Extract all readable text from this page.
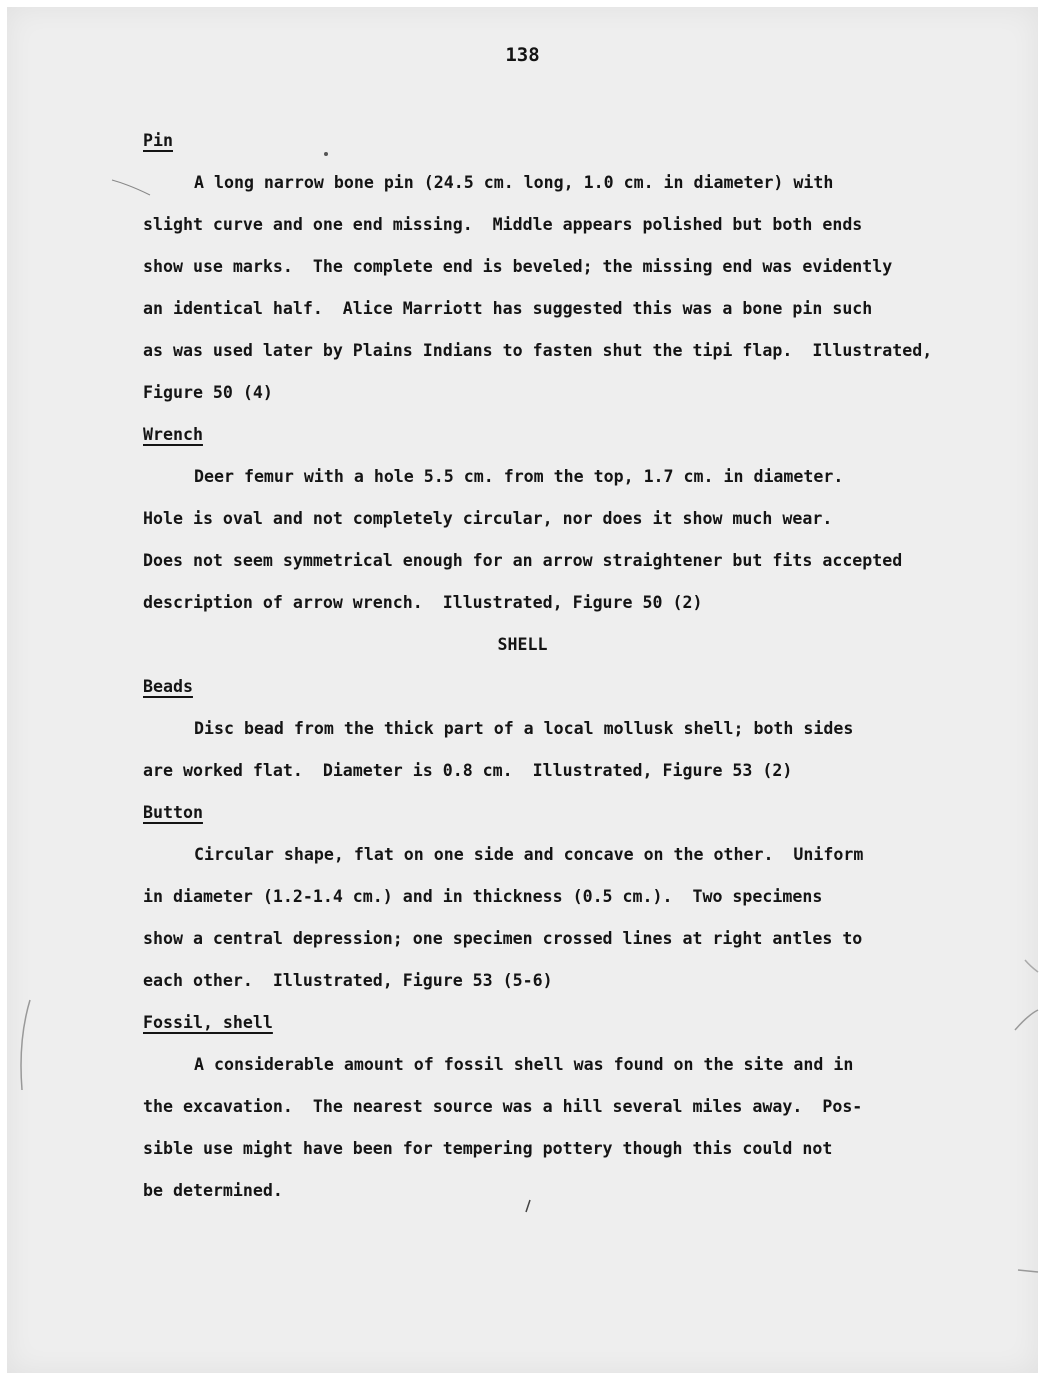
138
Pin
A long narrow bone pin (24.5 cm. long, 1.0 cm. in diameter) with
slight curve and one end missing.  Middle appears polished but both ends
show use marks.  The complete end is beveled; the missing end was evidently
an identical half.  Alice Marriott has suggested this was a bone pin such
as was used later by Plains Indians to fasten shut the tipi flap.  Illustrated,
Figure 50 (4)
Wrench
Deer femur with a hole 5.5 cm. from the top, 1.7 cm. in diameter.
Hole is oval and not completely circular, nor does it show much wear.
Does not seem symmetrical enough for an arrow straightener but fits accepted
description of arrow wrench.  Illustrated, Figure 50 (2)
SHELL
Beads
Disc bead from the thick part of a local mollusk shell; both sides
are worked flat.  Diameter is 0.8 cm.  Illustrated, Figure 53 (2)
Button
Circular shape, flat on one side and concave on the other.  Uniform
in diameter (1.2-1.4 cm.) and in thickness (0.5 cm.).  Two specimens
show a central depression; one specimen crossed lines at right antles to
each other.  Illustrated, Figure 53 (5-6)
Fossil, shell
A considerable amount of fossil shell was found on the site and in
the excavation.  The nearest source was a hill several miles away.  Pos-
sible use might have been for tempering pottery though this could not
be determined.
